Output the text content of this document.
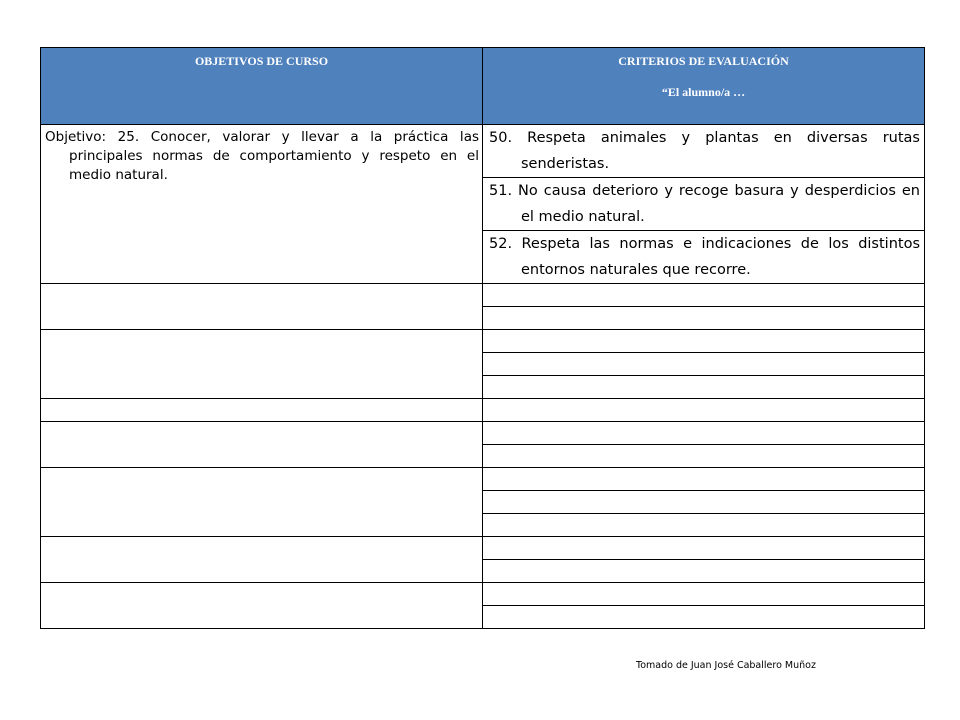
OBJETIVOS DE CURSO	CRITERIOS DE EVALUACIÓN
“El alumno/a …

Objetivo: 25. Conocer, valorar y llevar a la práctica las principales normas de comportamiento y respeto en el medio natural.	50. Respeta animales y plantas en diversas rutas senderistas.

	51. No causa deterioro y recoge basura y desperdicios en el medio natural.

	52. Respeta las normas e indicaciones de los distintos entornos naturales que recorre.

Tomado de Juan José Caballero Muñoz
